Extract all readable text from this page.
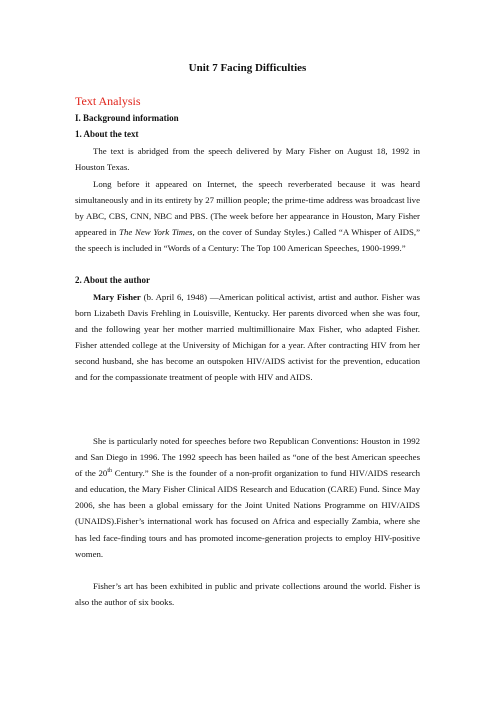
Unit 7 Facing Difficulties
Text Analysis
I. Background information
1. About the text

The text is abridged from the speech delivered by Mary Fisher on August 18, 1992 in Houston Texas.

Long before it appeared on Internet, the speech reverberated because it was heard simultaneously and in its entirety by 27 million people; the prime-time address was broadcast live by ABC, CBS, CNN, NBC and PBS. (The week before her appearance in Houston, Mary Fisher appeared in The New York Times, on the cover of Sunday Styles.) Called “A Whisper of AIDS,” the speech is included in “Words of a Century: The Top 100 American Speeches, 1900-1999.”

2. About the author

Mary Fisher (b. April 6, 1948) —American political activist, artist and author. Fisher was born Lizabeth Davis Frehling in Louisville, Kentucky. Her parents divorced when she was four, and the following year her mother married multimillionaire Max Fisher, who adapted Fisher. Fisher attended college at the University of Michigan for a year. After contracting HIV from her second husband, she has become an outspoken HIV/AIDS activist for the prevention, education and for the compassionate treatment of people with HIV and AIDS.

She is particularly noted for speeches before two Republican Conventions: Houston in 1992 and San Diego in 1996. The 1992 speech has been hailed as “one of the best American speeches of the 20th Century.” She is the founder of a non-profit organization to fund HIV/AIDS research and education, the Mary Fisher Clinical AIDS Research and Education (CARE) Fund. Since May 2006, she has been a global emissary for the Joint United Nations Programme on HIV/AIDS (UNAIDS).Fisher’s international work has focused on Africa and especially Zambia, where she has led face-finding tours and has promoted income-generation projects to employ HIV-positive women.

Fisher’s art has been exhibited in public and private collections around the world. Fisher is also the author of six books.
